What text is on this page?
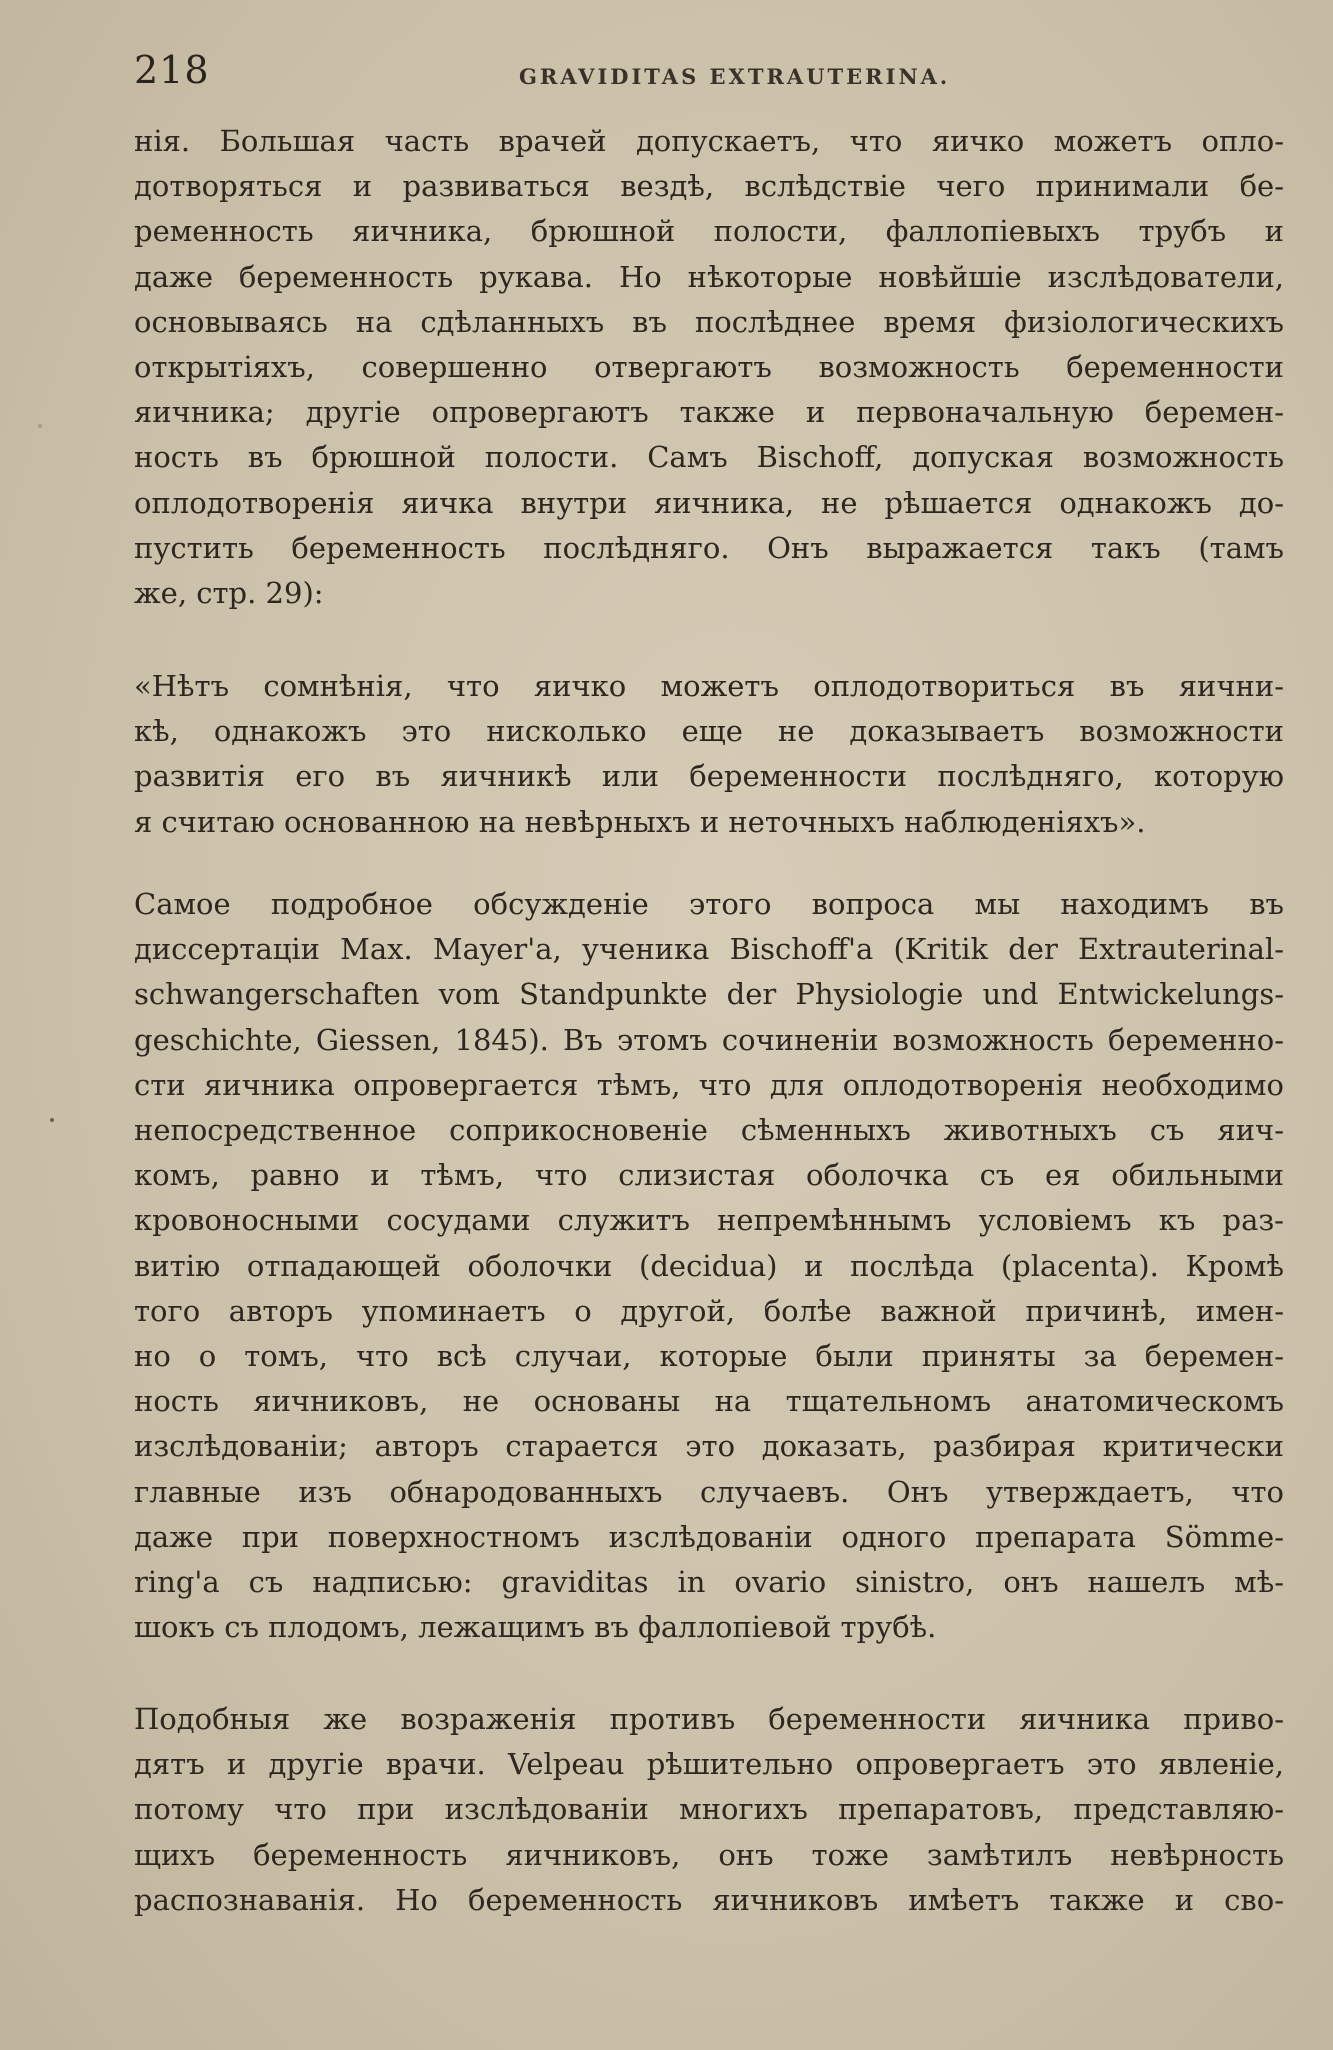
218	GRAVIDITAS EXTRAUTERINA.
нія. Большая часть врачей допускаетъ, что яичко можетъ опло-
дотворяться и развиваться вездѣ, вслѣдствіе чего принимали бе-
ременность яичника, брюшной полости, фаллопіевыхъ трубъ и
даже беременность рукава. Но нѣкоторые новѣйшіе изслѣдователи,
основываясь на сдѣланныхъ въ послѣднее время физіологическихъ
открытіяхъ, совершенно отвергаютъ возможность беременности
яичника; другіе опровергаютъ также и первоначальную беремен-
ность въ брюшной полости. Самъ Bischoff, допуская возможность
оплодотворенія яичка внутри яичника, не рѣшается однакожъ до-
пустить беременность послѣдняго. Онъ выражается такъ (тамъ
же, стр. 29):
«Нѣтъ сомнѣнія, что яичко можетъ оплодотвориться въ яични-
кѣ, однакожъ это нисколько еще не доказываетъ возможности
развитія его въ яичникѣ или беременности послѣдняго, которую
я считаю основанною на невѣрныхъ и неточныхъ наблюденіяхъ».
Самое подробное обсужденіе этого вопроса мы находимъ въ
диссертаціи Max. Mayer'а, ученика Bischoff'а (Kritik der Extrauterinal-
schwangerschaften vom Standpunkte der Physiologie und Entwickelungs-
geschichte, Giessen, 1845). Въ этомъ сочиненіи возможность беременно-
сти яичника опровергается тѣмъ, что для оплодотворенія необходимо
непосредственное соприкосновеніе сѣменныхъ животныхъ съ яич-
комъ, равно и тѣмъ, что слизистая оболочка съ ея обильными
кровоносными сосудами служитъ непремѣннымъ условіемъ къ раз-
витію отпадающей оболочки (decidua) и послѣда (placenta). Кромѣ
того авторъ упоминаетъ о другой, болѣе важной причинѣ, имен-
но о томъ, что всѣ случаи, которые были приняты за беремен-
ность яичниковъ, не основаны на тщательномъ анатомическомъ
изслѣдованіи; авторъ старается это доказать, разбирая критически
главные изъ обнародованныхъ случаевъ. Онъ утверждаетъ, что
даже при поверхностномъ изслѣдованіи одного препарата Sömme-
ring'а съ надписью: graviditas in ovario sinistro, онъ нашелъ мѣ-
шокъ съ плодомъ, лежащимъ въ фаллопіевой трубѣ.
Подобныя же возраженія противъ беременности яичника приво-
дятъ и другіе врачи. Velpeau рѣшительно опровергаетъ это явленіе,
потому что при изслѣдованіи многихъ препаратовъ, представляю-
щихъ беременность яичниковъ, онъ тоже замѣтилъ невѣрность
распознаванія. Но беременность яичниковъ имѣетъ также и сво-
